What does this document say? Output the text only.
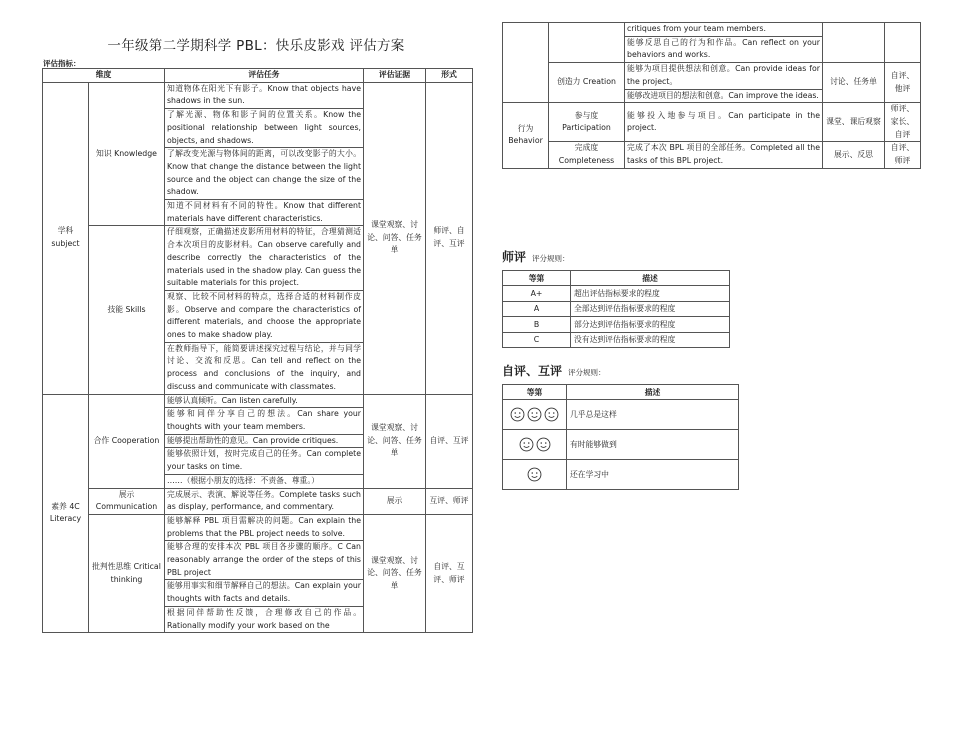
一年级第二学期科学 PBL：快乐皮影戏 评估方案
评估指标：
维度		评估任务	评估证据	形式
学科 subject	知识 Knowledge	知道物体在阳光下有影子。Know that objects have shadows in the sun.	课堂观察、讨论、问答、任务单	师评、自评、互评
		了解光源、物体和影子间的位置关系。Know the positional relationship between light sources, objects, and shadows.		
		了解改变光源与物体间的距离，可以改变影子的大小。Know that change the distance between the light source and the object can change the size of the shadow.		
		知道不同材料有不同的特性。Know that different materials have different characteristics.		
	技能 Skills	仔细观察，正确描述皮影所用材料的特征，合理猜测适合本次项目的皮影材料。Can observe carefully and describe correctly the characteristics of the materials used in the shadow play. Can guess the suitable materials for this project.		
		观察、比较不同材料的特点，选择合适的材料制作皮影。Observe and compare the characteristics of different materials, and choose the appropriate ones to make shadow play.		
		在教师指导下，能简要讲述探究过程与结论，并与同学讨论、交流和反思。Can tell and reflect on the process and conclusions of the inquiry, and discuss and communicate with classmates.		
素养 4C Literacy	合作 Cooperation	能够认真倾听。Can listen carefully.	课堂观察、讨论、问答、任务单	自评、互评
		能够和同伴分享自己的想法。Can share your thoughts with your team members.		
		能够提出帮助性的意见。Can provide critiques.		
		能够依照计划，按时完成自己的任务。Can complete your tasks on time.		
		……（根据小朋友的选择：不责备、尊重。）		
	展示 Communication	完成展示、表演、解说等任务。Complete tasks such as display, performance, and commentary.	展示	互评、师评
	批判性思维 Critical thinking	能够解释 PBL 项目需解决的问题。Can explain the problems that the PBL project needs to solve.	课堂观察、讨论、问答、任务单	自评、互评、师评
		能够合理的安排本次 PBL 项目各步骤的顺序。C Can reasonably arrange the order of the steps of this PBL project		
		能够用事实和细节解释自己的想法。Can explain your thoughts with facts and details.		
		根据同伴帮助性反馈，合理修改自己的作品。Rationally modify your work based on the		
		critiques from your team members.		
		能够反思自己的行为和作品。Can reflect on your behaviors and works.		
	创造力 Creation	能够为项目提供想法和创意。Can provide ideas for the project。	讨论、任务单	自评、他评
		能够改进项目的想法和创意。Can improve the ideas.		
行为 Behavior	参与度 Participation	能够投入地参与项目。Can participate in the project.	课堂、课后观察	师评、家长、自评
	完成度 Completeness	完成了本次 BPL 项目的全部任务。Completed all the tasks of this BPL project.	展示、反思	自评、师评
师评 评分规则：
等第	描述
A+	超出评估指标要求的程度
A	全部达到评估指标要求的程度
B	部分达到评估指标要求的程度
C	没有达到评估指标要求的程度
自评、互评 评分规则：
等第	描述
	几乎总是这样
	有时能够做到
	还在学习中
